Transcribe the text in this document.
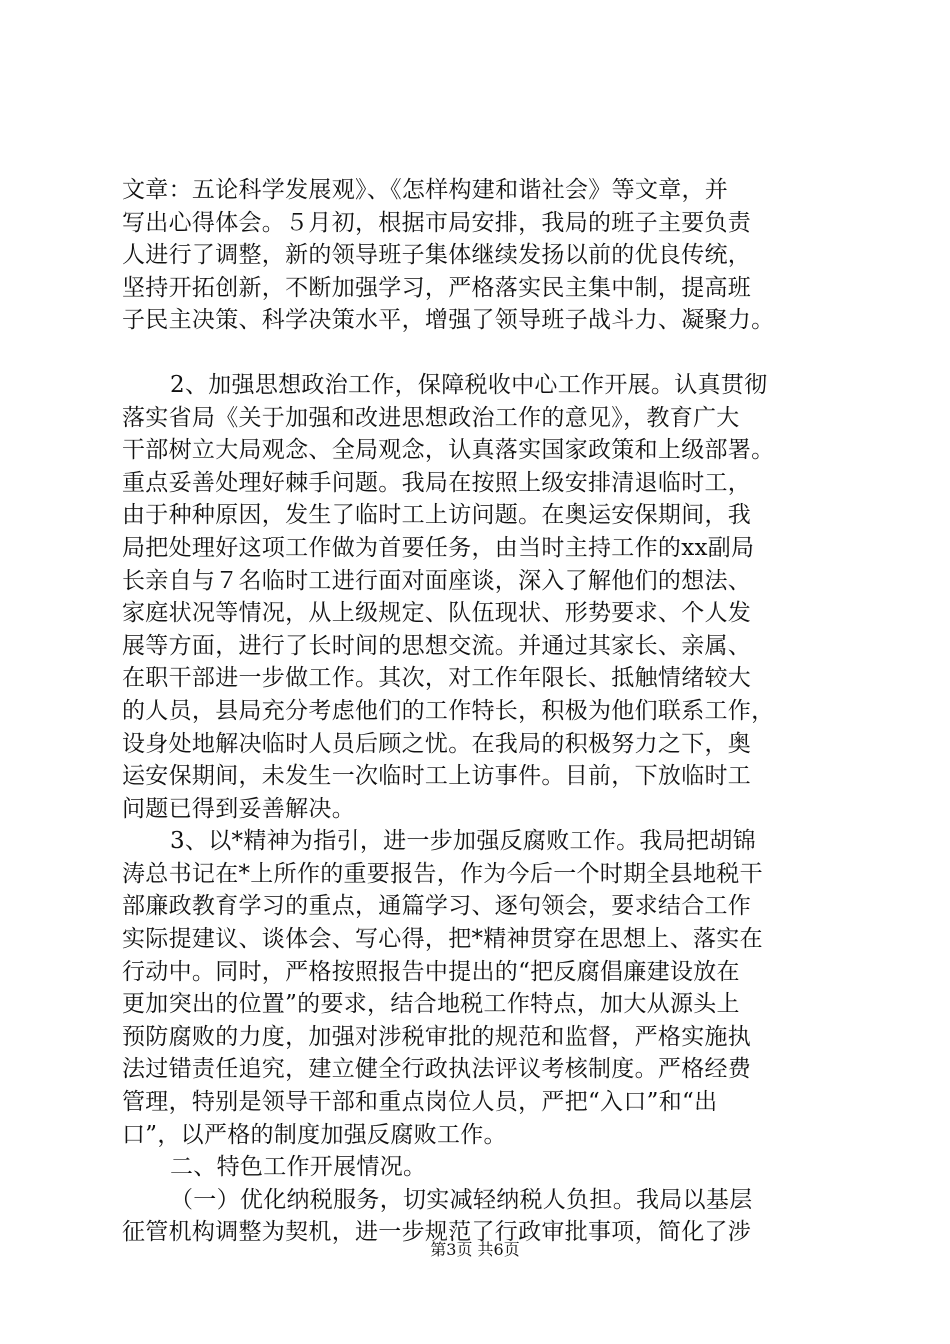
文章：五论科学发展观》、《怎样构建和谐社会》等文章，并
写出心得体会。５月初，根据市局安排，我局的班子主要负责
人进行了调整，新的领导班子集体继续发扬以前的优良传统，
坚持开拓创新，不断加强学习，严格落实民主集中制，提高班
子民主决策、科学决策水平，增强了领导班子战斗力、凝聚力。
2、加强思想政治工作，保障税收中心工作开展。认真贯彻
落实省局《关于加强和改进思想政治工作的意见》，教育广大
干部树立大局观念、全局观念，认真落实国家政策和上级部署。
重点妥善处理好棘手问题。我局在按照上级安排清退临时工，
由于种种原因，发生了临时工上访问题。在奥运安保期间，我
局把处理好这项工作做为首要任务，由当时主持工作的xx副局
长亲自与７名临时工进行面对面座谈，深入了解他们的想法、
家庭状况等情况，从上级规定、队伍现状、形势要求、个人发
展等方面，进行了长时间的思想交流。并通过其家长、亲属、
在职干部进一步做工作。其次，对工作年限长、抵触情绪较大
的人员，县局充分考虑他们的工作特长，积极为他们联系工作，
设身处地解决临时人员后顾之忧。在我局的积极努力之下，奥
运安保期间，未发生一次临时工上访事件。目前，下放临时工
问题已得到妥善解决。
3、以*精神为指引，进一步加强反腐败工作。我局把胡锦
涛总书记在*上所作的重要报告，作为今后一个时期全县地税干
部廉政教育学习的重点，通篇学习、逐句领会，要求结合工作
实际提建议、谈体会、写心得，把*精神贯穿在思想上、落实在
行动中。同时，严格按照报告中提出的“把反腐倡廉建设放在
更加突出的位置”的要求，结合地税工作特点，加大从源头上
预防腐败的力度，加强对涉税审批的规范和监督，严格实施执
法过错责任追究，建立健全行政执法评议考核制度。严格经费
管理，特别是领导干部和重点岗位人员，严把“入口”和“出
口”，以严格的制度加强反腐败工作。
二、特色工作开展情况。
（一）优化纳税服务，切实减轻纳税人负担。我局以基层
征管机构调整为契机，进一步规范了行政审批事项，简化了涉
第3页 共6页
